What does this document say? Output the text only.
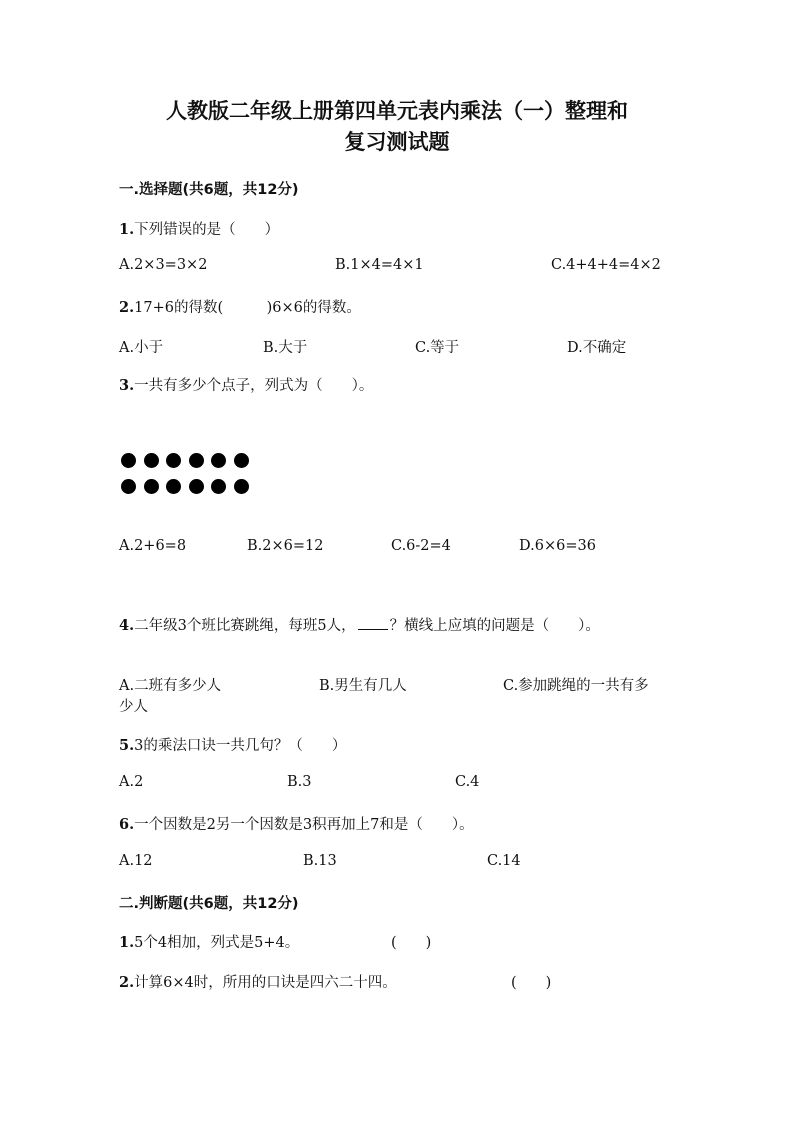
人教版二年级上册第四单元表内乘法（一）整理和
复习测试题
一.选择题(共6题，共12分)
1.下列错误的是（　　）
A.2×3=3×2	B.1×4=4×1	C.4+4+4=4×2
2.17+6的得数(　　　)6×6的得数。
A.小于	B.大于	C.等于	D.不确定
3.一共有多少个点子，列式为（　　）。
A.2+6=8	B.2×6=12	C.6-2=4	D.6×6=36
4.二年级3个班比赛跳绳，每班5人， ？横线上应填的问题是（　　）。
A.二班有多少人	B.男生有几人	C.参加跳绳的一共有多
少人
5.3的乘法口诀一共几句？（　　）
A.2	B.3	C.4
6.一个因数是2另一个因数是3积再加上7和是（　　）。
A.12	B.13	C.14
二.判断题(共6题，共12分)
1.5个4相加，列式是5+4。	(　　)
2.计算6×4时，所用的口诀是四六二十四。	(　　)
